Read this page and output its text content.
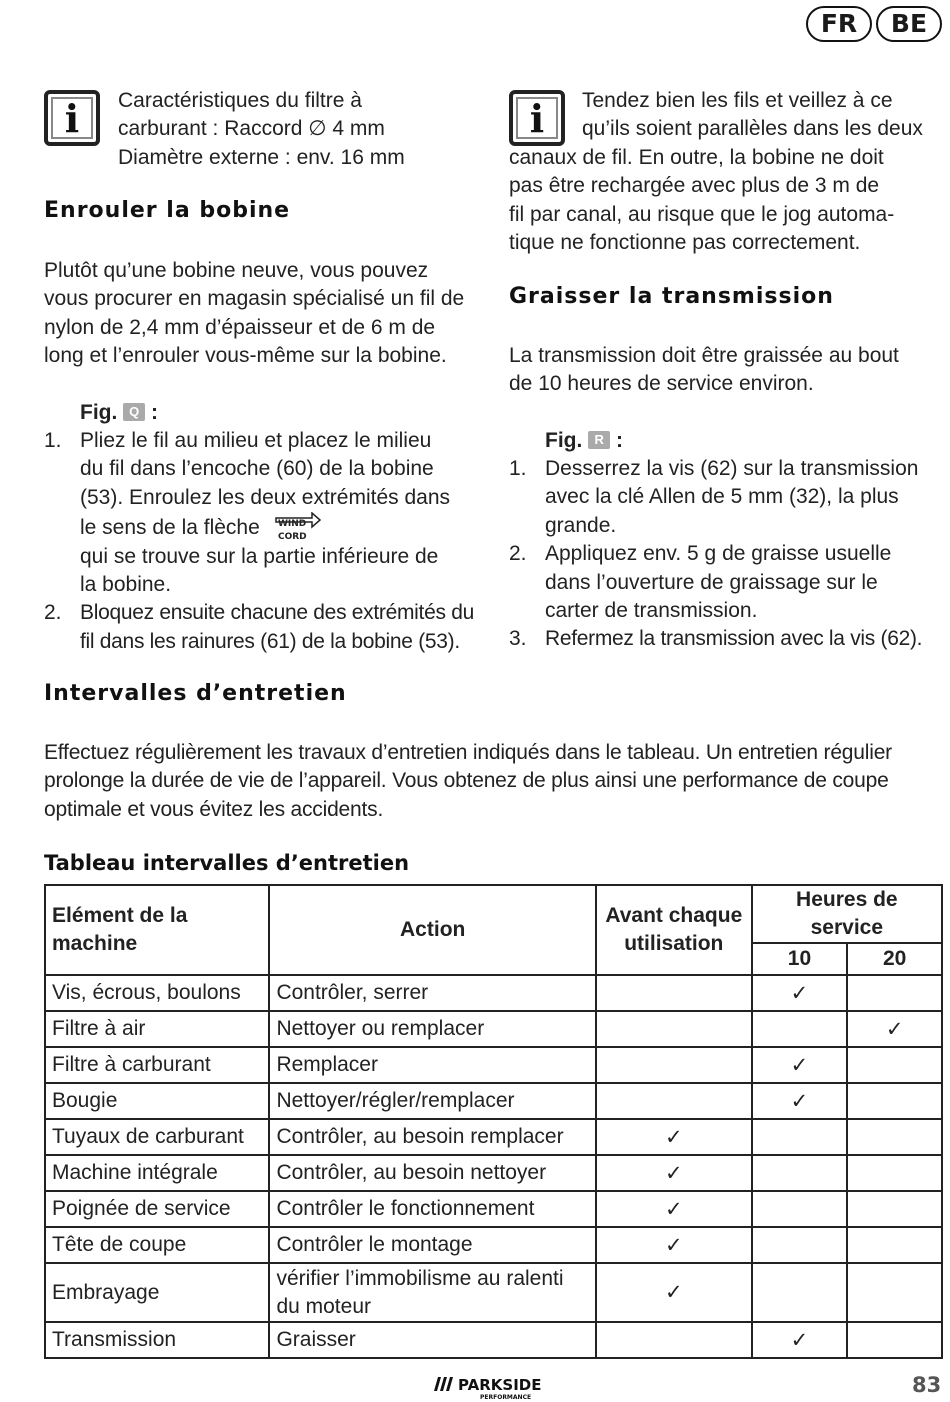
FR	BE
i	Caractéristiques du filtre à
carburant : Raccord ∅ 4 mm
Diamètre externe : env. 16 mm
Enrouler la bobine
Plutôt qu’une bobine neuve, vous pouvez
vous procurer en magasin spécialisé un fil de
nylon de 2,4 mm d’épaisseur et de 6 m de
long et l’enrouler vous-même sur la bobine.
Fig. Q :
1. Pliez le fil au milieu et placez le milieu
du fil dans l’encoche (60) de la bobine
(53). Enroulez les deux extrémités dans
le sens de la flèche WIND
CORD
qui se trouve sur la partie inférieure de
la bobine.
2. Bloquez ensuite chacune des extrémités du
fil dans les rainures (61) de la bobine (53).
i	Tendez bien les fils et veillez à ce
qu’ils soient parallèles dans les deux
canaux de fil. En outre, la bobine ne doit
pas être rechargée avec plus de 3 m de
fil par canal, au risque que le jog automa-
tique ne fonctionne pas correctement.
Graisser la transmission
La transmission doit être graissée au bout
de 10 heures de service environ.
Fig. R :
1. Desserrez la vis (62) sur la transmission
avec la clé Allen de 5 mm (32), la plus
grande.
2. Appliquez env. 5 g de graisse usuelle
dans l’ouverture de graissage sur le
carter de transmission.
3. Refermez la transmission avec la vis (62).
Intervalles d’entretien
Effectuez régulièrement les travaux d’entretien indiqués dans le tableau. Un entretien régulier
prolonge la durée de vie de l’appareil. Vous obtenez de plus ainsi une performance de coupe
optimale et vous évitez les accidents.
Tableau intervalles d’entretien
Elément de la machine	Action	Avant chaque utilisation	Heures de service	
			10	20
Vis, écrous, boulons	Contrôler, serrer		✓	
Filtre à air	Nettoyer ou remplacer			✓
Filtre à carburant	Remplacer		✓	
Bougie	Nettoyer/régler/remplacer		✓	
Tuyaux de carburant	Contrôler, au besoin remplacer	✓		
Machine intégrale	Contrôler, au besoin nettoyer	✓		
Poignée de service	Contrôler le fonctionnement	✓		
Tête de coupe	Contrôler le montage	✓		
Embrayage	vérifier l’immobilisme au ralenti du moteur	✓		
Transmission	Graisser		✓	
PARKSIDE
PERFORMANCE
83
